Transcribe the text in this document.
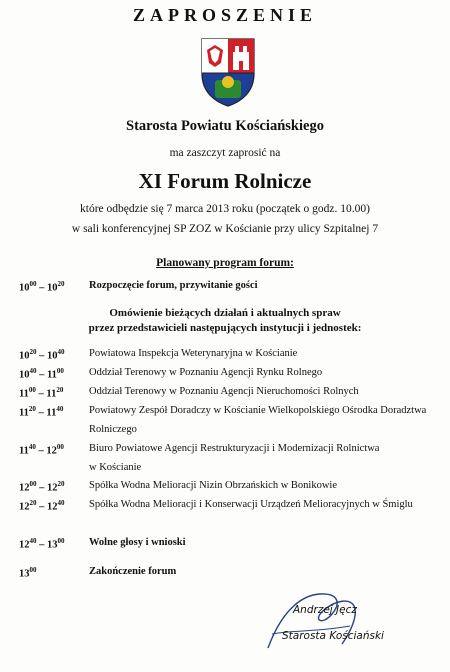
ZAPROSZENIE
Starosta Powiatu Kościańskiego
ma zaszczyt zaprosić na
XI Forum Rolnicze
które odbędzie się 7 marca 2013 roku (początek o godz. 10.00)
w sali konferencyjnej SP ZOZ w Kościanie przy ulicy Szpitalnej 7
Planowany program forum:
$10^{00} - 10^{20}$ Rozpoczęcie forum, przywitanie gości
Omówienie bieżących działań i aktualnych spraw
przez przedstawicieli następujących instytucji i jednostek:
$10^{20} - 10^{40}$ Powiatowa Inspekcja Weterynaryjna w Kościanie
$10^{40} - 11^{00}$ Oddział Terenowy w Poznaniu Agencji Rynku Rolnego
$11^{00} - 11^{20}$ Oddział Terenowy w Poznaniu Agencji Nieruchomości Rolnych
$11^{20} - 11^{40}$ Powiatowy Zespół Doradczy w Kościanie Wielkopolskiego Ośrodka Doradztwa
Rolniczego
$11^{40} - 12^{00}$ Biuro Powiatowe Agencji Restrukturyzacji i Modernizacji Rolnictwa
w Kościanie
$12^{00} - 12^{20}$ Spółka Wodna Melioracji Nizin Obrzańskich w Bonikowie
$12^{20} - 12^{40}$ Spółka Wodna Melioracji i Konserwacji Urządzeń Melioracyjnych w Śmiglu
$12^{40} - 13^{00}$ Wolne głosy i wnioski
$13^{00}$	Zakończenie forum
Andrzej Jęcz
Starosta Kościański
